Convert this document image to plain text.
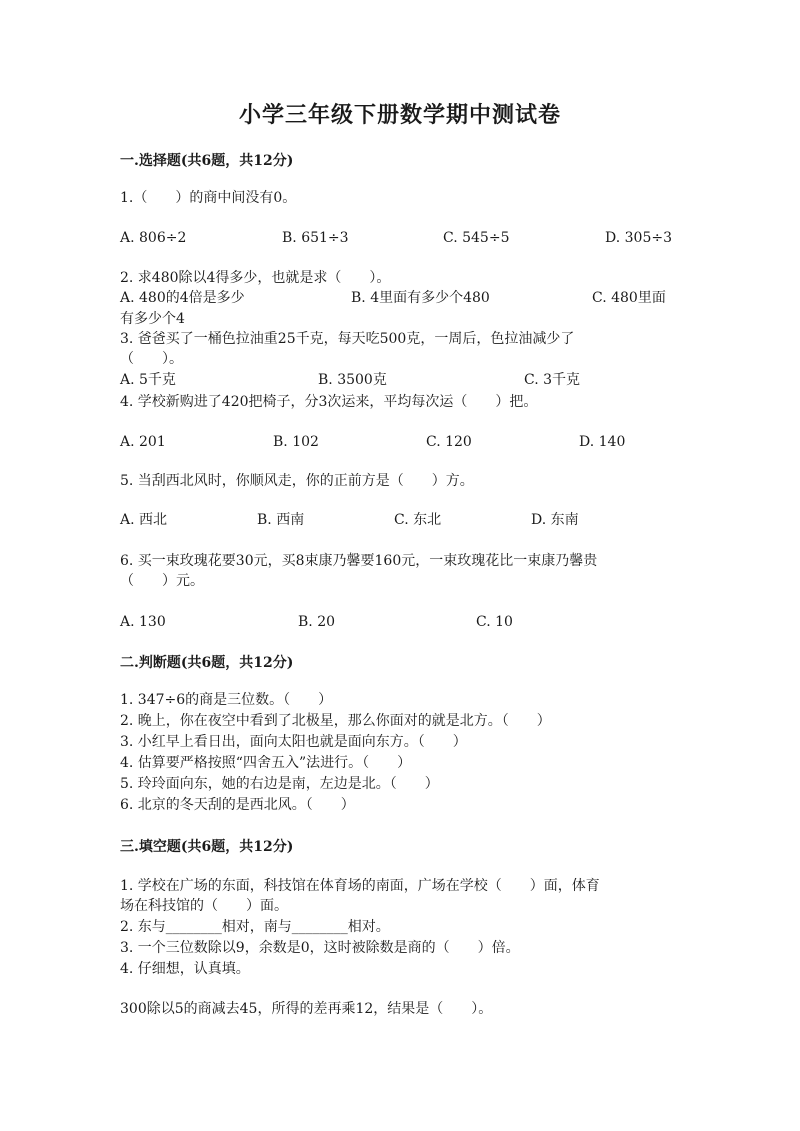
小学三年级下册数学期中测试卷
一.选择题(共6题，共12分)
1.（　　）的商中间没有0。
A. 806÷2	B. 651÷3	C. 545÷5	D. 305÷3
2. 求480除以4得多少，也就是求（　　）。
A. 480的4倍是多少	B. 4里面有多少个480	C. 480里面
有多少个4
3. 爸爸买了一桶色拉油重25千克，每天吃500克，一周后，色拉油减少了
（　　）。
A. 5千克	B. 3500克	C. 3千克
4. 学校新购进了420把椅子，分3次运来，平均每次运（　　）把。
A. 201	B. 102	C. 120	D. 140
5. 当刮西北风时，你顺风走，你的正前方是（　　）方。
A. 西北	B. 西南	C. 东北	D. 东南
6. 买一束玫瑰花要30元，买8束康乃馨要160元，一束玫瑰花比一束康乃馨贵
（　　）元。
A. 130	B. 20	C. 10
二.判断题(共6题，共12分)
1. 347÷6的商是三位数。（　　）
2. 晚上，你在夜空中看到了北极星，那么你面对的就是北方。（　　）
3. 小红早上看日出，面向太阳也就是面向东方。（　　）
4. 估算要严格按照“四舍五入”法进行。（　　）
5. 玲玲面向东，她的右边是南，左边是北。（　　）
6. 北京的冬天刮的是西北风。（　　）
三.填空题(共6题，共12分)
1. 学校在广场的东面，科技馆在体育场的南面，广场在学校（　　）面，体育
场在科技馆的（　　）面。
2. 东与________相对，南与________相对。
3. 一个三位数除以9，余数是0，这时被除数是商的（　　）倍。
4. 仔细想，认真填。
300除以5的商减去45，所得的差再乘12，结果是（　　）。
